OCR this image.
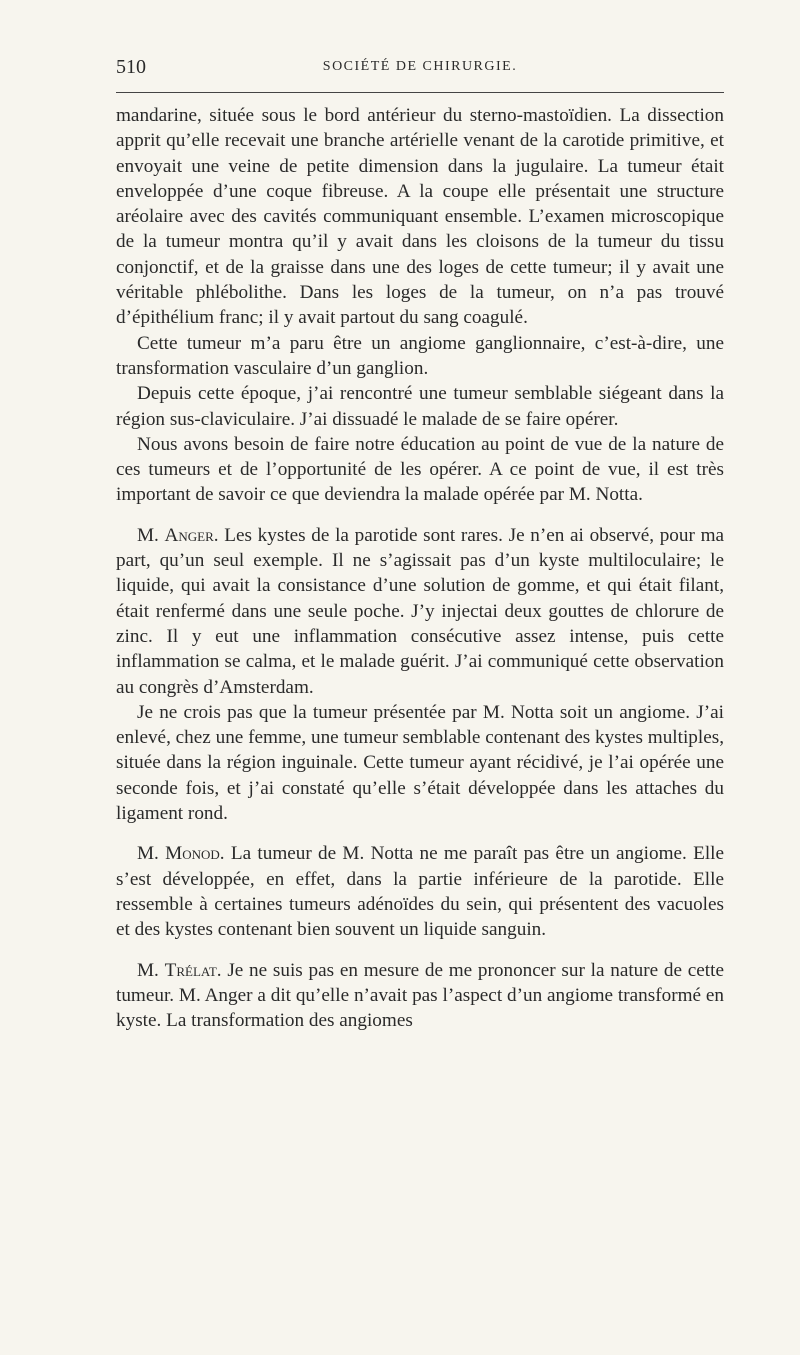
510	SOCIÉTÉ DE CHIRURGIE.

mandarine, située sous le bord antérieur du sterno-mastoïdien. La dissection apprit qu’elle recevait une branche artérielle venant de la carotide primitive, et envoyait une veine de petite dimension dans la jugulaire. La tumeur était enveloppée d’une coque fibreuse. A la coupe elle présentait une structure aréolaire avec des cavités communiquant ensemble. L’examen microscopique de la tumeur montra qu’il y avait dans les cloisons de la tumeur du tissu conjonctif, et de la graisse dans une des loges de cette tumeur; il y avait une véritable phlébolithe. Dans les loges de la tumeur, on n’a pas trouvé d’épithélium franc; il y avait partout du sang coagulé.

Cette tumeur m’a paru être un angiome ganglionnaire, c’est-à-dire, une transformation vasculaire d’un ganglion.

Depuis cette époque, j’ai rencontré une tumeur semblable siégeant dans la région sus-claviculaire. J’ai dissuadé le malade de se faire opérer.

Nous avons besoin de faire notre éducation au point de vue de la nature de ces tumeurs et de l’opportunité de les opérer. A ce point de vue, il est très important de savoir ce que deviendra la malade opérée par M. Notta.

M. Anger. Les kystes de la parotide sont rares. Je n’en ai observé, pour ma part, qu’un seul exemple. Il ne s’agissait pas d’un kyste multiloculaire; le liquide, qui avait la consistance d’une solution de gomme, et qui était filant, était renfermé dans une seule poche. J’y injectai deux gouttes de chlorure de zinc. Il y eut une inflammation consécutive assez intense, puis cette inflammation se calma, et le malade guérit. J’ai communiqué cette observation au congrès d’Amsterdam.

Je ne crois pas que la tumeur présentée par M. Notta soit un angiome. J’ai enlevé, chez une femme, une tumeur semblable contenant des kystes multiples, située dans la région inguinale. Cette tumeur ayant récidivé, je l’ai opérée une seconde fois, et j’ai constaté qu’elle s’était développée dans les attaches du ligament rond.

M. Monod. La tumeur de M. Notta ne me paraît pas être un angiome. Elle s’est développée, en effet, dans la partie inférieure de la parotide. Elle ressemble à certaines tumeurs adénoïdes du sein, qui présentent des vacuoles et des kystes contenant bien souvent un liquide sanguin.

M. Trélat. Je ne suis pas en mesure de me prononcer sur la nature de cette tumeur. M. Anger a dit qu’elle n’avait pas l’aspect d’un angiome transformé en kyste. La transformation des angiomes
